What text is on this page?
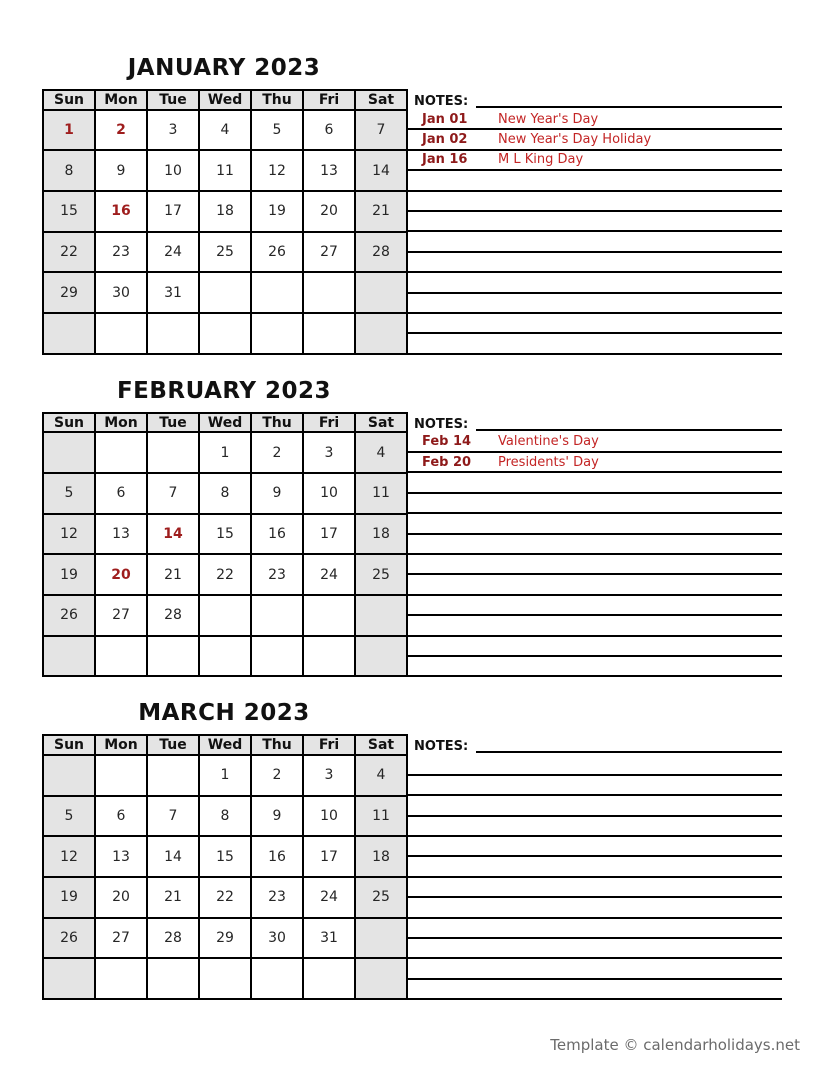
JANUARY 2023
Sun	Mon	Tue	Wed	Thu	Fri	Sat
1	2	3	4	5	6	7
8	9	10	11	12	13	14
15	16	17	18	19	20	21
22	23	24	25	26	27	28
29	30	31				

NOTES:
Jan 01	New Year's Day
Jan 02	New Year's Day Holiday
Jan 16	M L King Day
FEBRUARY 2023
Sun	Mon	Tue	Wed	Thu	Fri	Sat
			1	2	3	4
5	6	7	8	9	10	11
12	13	14	15	16	17	18
19	20	21	22	23	24	25
26	27	28				

NOTES:
Feb 14	Valentine's Day
Feb 20	Presidents' Day
MARCH 2023
Sun	Mon	Tue	Wed	Thu	Fri	Sat
			1	2	3	4
5	6	7	8	9	10	11
12	13	14	15	16	17	18
19	20	21	22	23	24	25
26	27	28	29	30	31	

NOTES:
Template © calendarholidays.net
